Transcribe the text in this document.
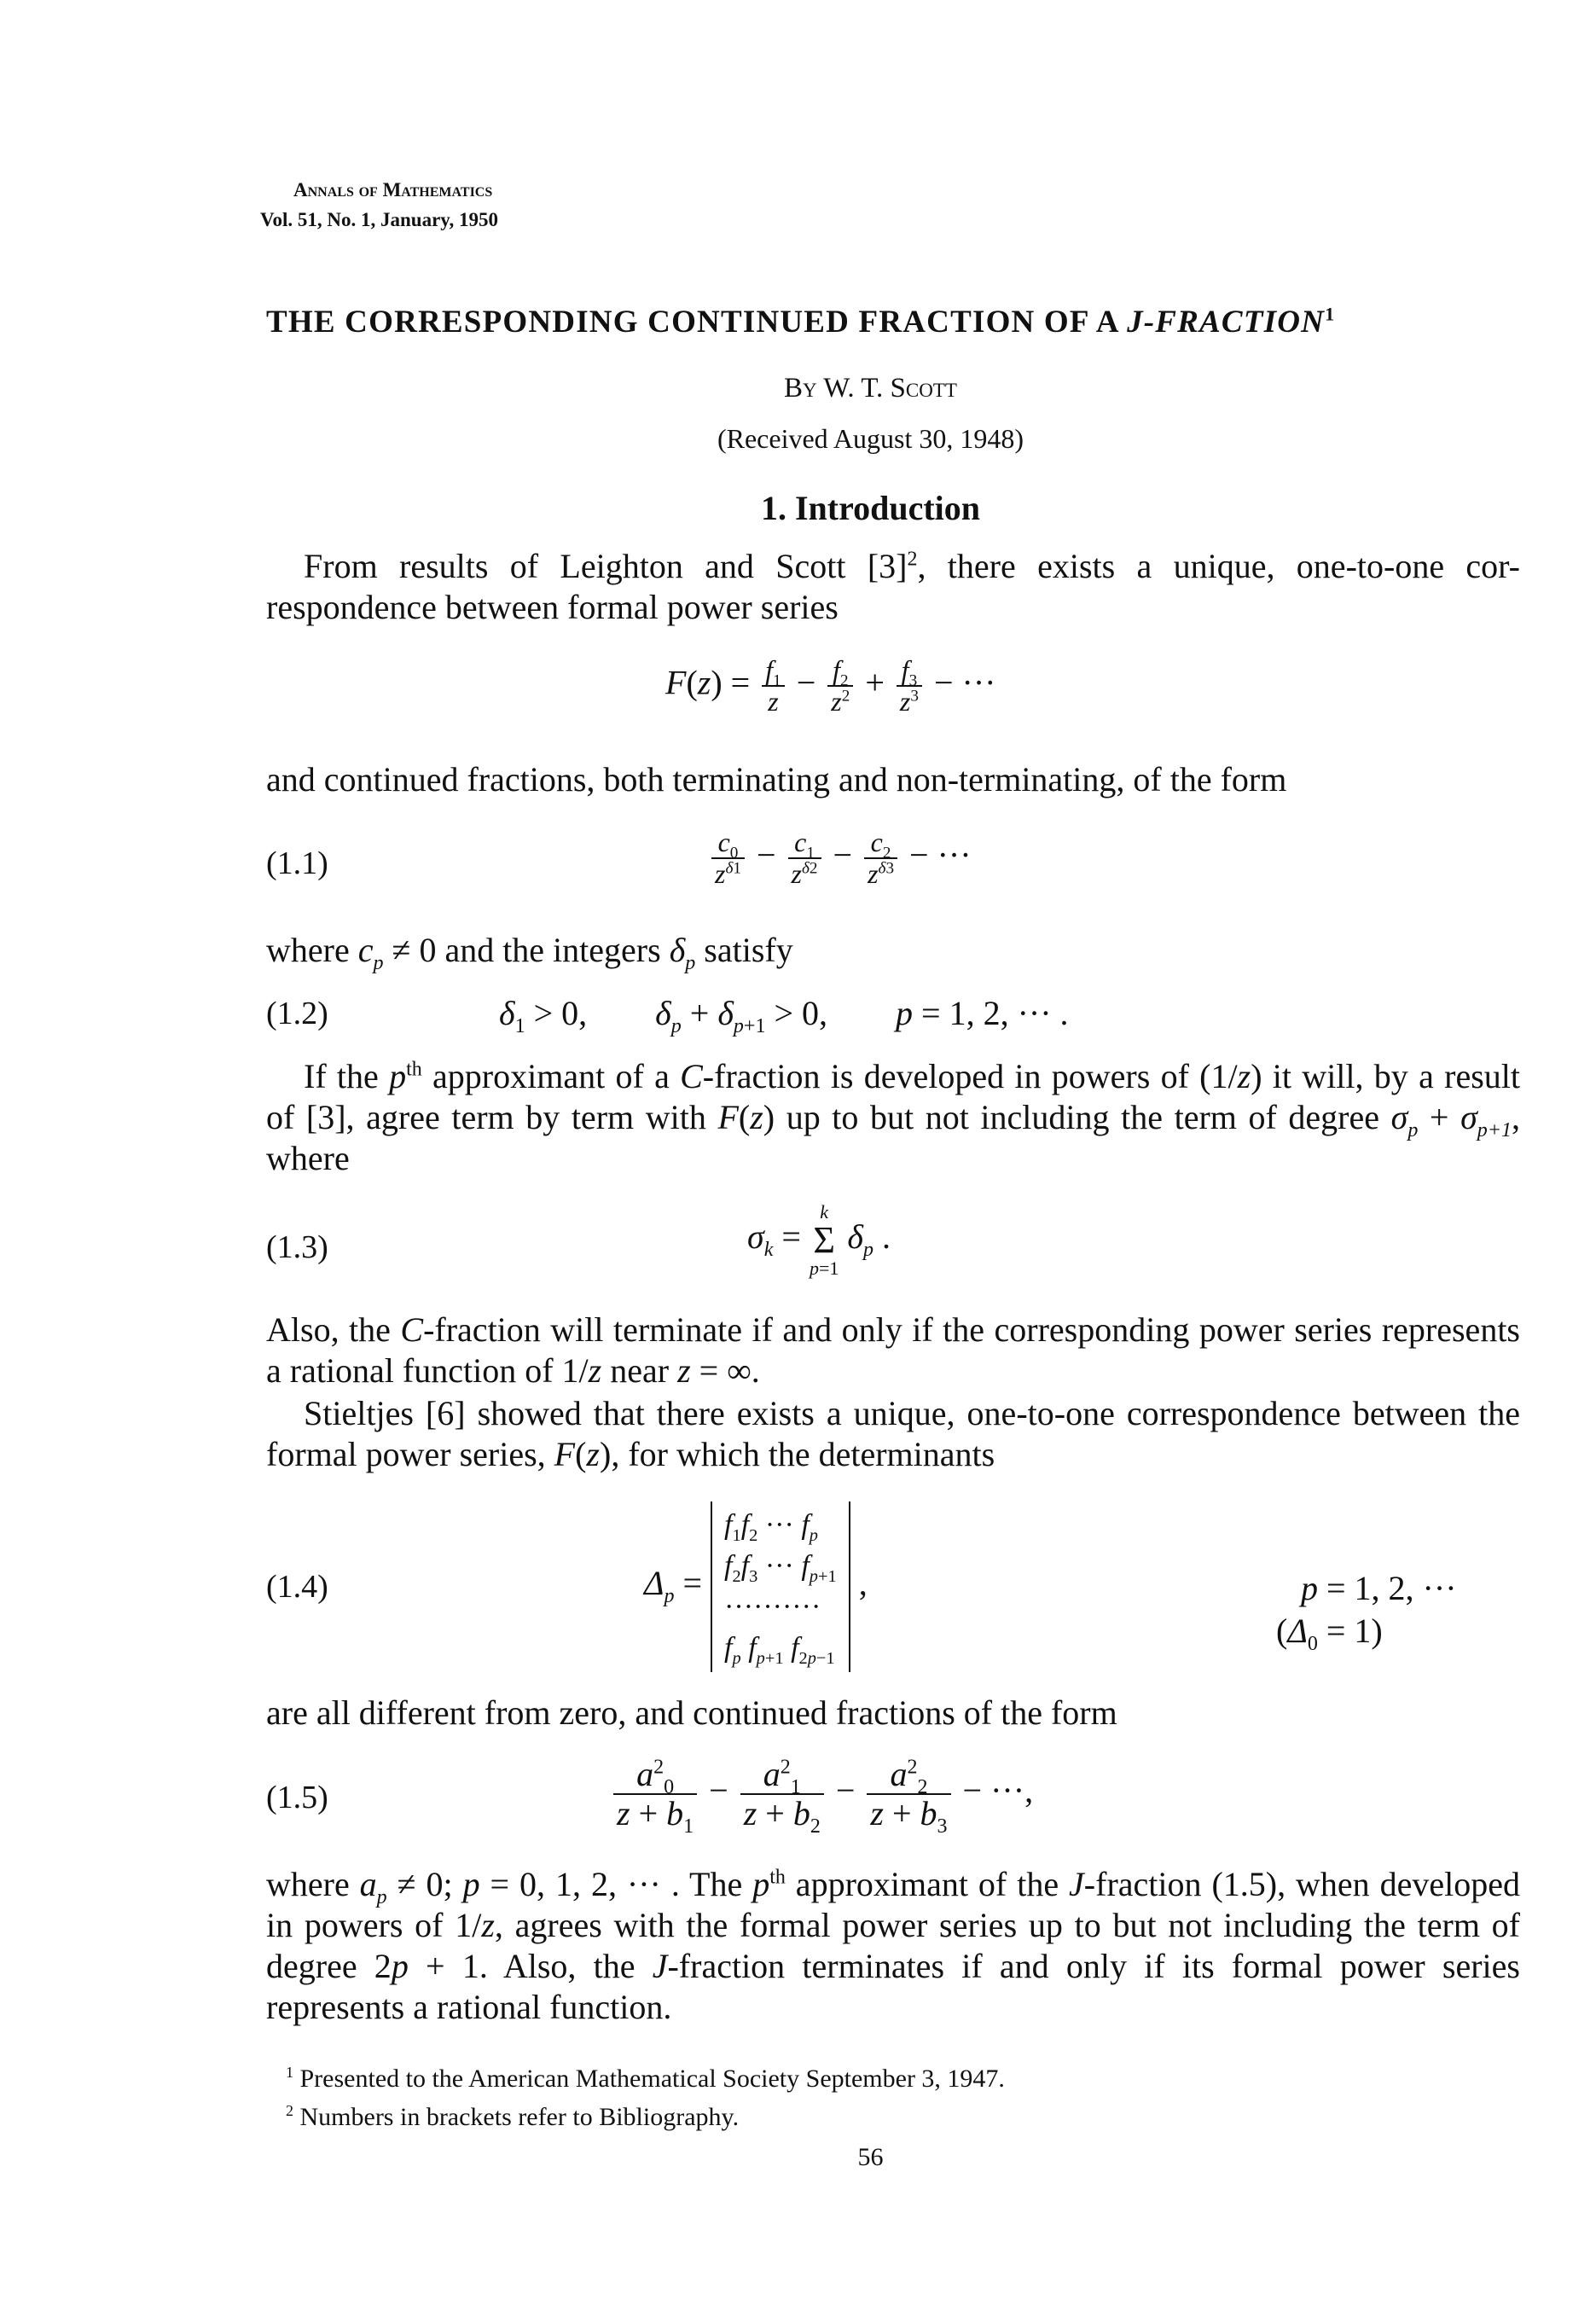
Annals of Mathematics
Vol. 51, No. 1, January, 1950
THE CORRESPONDING CONTINUED FRACTION OF A J-FRACTION$^1$
By W. T. Scott
(Received August 30, 1948)
1. Introduction

From results of Leighton and Scott $[3]^2$, there exists a unique, one-to-one cor-respondence between formal power series

$F(z) = \frac{f_1}{z} - \frac{f_2}{z^2} + \frac{f_3}{z^3}$ − ···

and continued fractions, both terminating and non-terminating, of the form

(1.1)	$\frac{c_0}{z^{\delta 1}} - \frac{c_1}{z^{\delta 2}} - \frac{c_2}{z^{\delta 3}}$ − ···

where $c_p \ne 0$ and the integers $\delta_p$ satisfy

(1.2)	$\delta_1 > 0$,        $\delta_p + \delta_{p+1} > 0$,        p = 1, 2, ··· .

If the $p^{th}$ approximant of a C-fraction is developed in powers of (1/z) it will, by a result of [3], agree term by term with F(z) up to but not including the term of degree $\sigma_p + \sigma_{p+1}$, where

(1.3)	$\sigma_k$ =
k
Σ
p=1
$\delta_p$ .

Also, the C-fraction will terminate if and only if the corresponding power series represents a rational function of 1/z near z = ∞.

Stieltjes [6] showed that there exists a unique, one-to-one correspondence between the formal power series, F(z), for which the determinants

(1.4)	$\Delta_p = f_1f_2$ ··· $f_p$
$f_2f_3$ ··· $f_{p+1}$
··········
$f_p$ $f_{p+1}$ $f_{2p-1}$ ,	p = 1, 2, ···
$(\Delta_0 = 1)$

are all different from zero, and continued fractions of the form

(1.5)	$\frac{a^2_0}{z + b_1} - \frac{a^2_1}{z + b_2} - \frac{a^2_2}{z + b_3}$ − ···,

where $a_p \ne 0$; p = 0, 1, 2, ··· . The $p^{th}$ approximant of the J-fraction (1.5), when developed in powers of 1/z, agrees with the formal power series up to but not including the term of degree 2p + 1. Also, the J-fraction terminates if and only if its formal power series represents a rational function.

$^1$ Presented to the American Mathematical Society September 3, 1947.
$^2$ Numbers in brackets refer to Bibliography.
56
